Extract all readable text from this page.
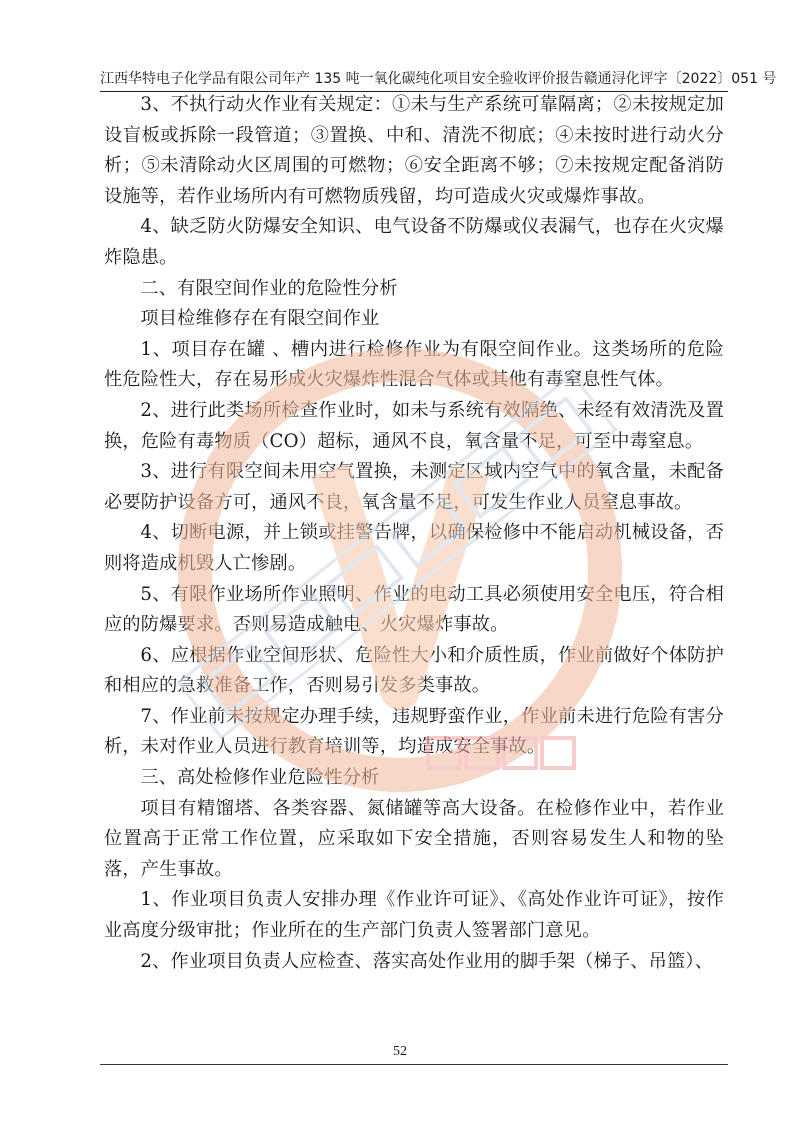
江西华特电子化学品有限公司年产 135 吨一氧化碳纯化项目安全验收评价报告 赣通浔化评字〔2022〕051 号

3、不执行动火作业有关规定：①未与生产系统可靠隔离；②未按规定加设盲板或拆除一段管道；③置换、中和、清洗不彻底；④未按时进行动火分析；⑤未清除动火区周围的可燃物；⑥安全距离不够；⑦未按规定配备消防设施等，若作业场所内有可燃物质残留，均可造成火灾或爆炸事故。

4、缺乏防火防爆安全知识、电气设备不防爆或仪表漏气，也存在火灾爆炸隐患。

二、有限空间作业的危险性分析

项目检维修存在有限空间作业

1、项目存在罐 、槽内进行检修作业为有限空间作业。这类场所的危险性危险性大，存在易形成火灾爆炸性混合气体或其他有毒窒息性气体。

2、进行此类场所检查作业时，如未与系统有效隔绝、未经有效清洗及置换，危险有毒物质（CO）超标，通风不良，氧含量不足，可至中毒窒息。

3、进行有限空间未用空气置换，未测定区域内空气中的氧含量，未配备必要防护设备方可，通风不良，氧含量不足，可发生作业人员窒息事故。

4、切断电源，并上锁或挂警告牌，以确保检修中不能启动机械设备，否则将造成机毁人亡惨剧。

5、有限作业场所作业照明、作业的电动工具必须使用安全电压，符合相应的防爆要求。否则易造成触电、火灾爆炸事故。

6、应根据作业空间形状、危险性大小和介质性质，作业前做好个体防护和相应的急救准备工作，否则易引发多类事故。

7、作业前未按规定办理手续，违规野蛮作业，作业前未进行危险有害分析，未对作业人员进行教育培训等，均造成安全事故。

三、高处检修作业危险性分析

项目有精馏塔、各类容器、氮储罐等高大设备。在检修作业中，若作业位置高于正常工作位置，应采取如下安全措施，否则容易发生人和物的坠落，产生事故。

1、作业项目负责人安排办理《作业许可证》、《高处作业许可证》，按作业高度分级审批；作业所在的生产部门负责人签署部门意见。

2、作业项目负责人应检查、落实高处作业用的脚手架（梯子、吊篮）、

52
